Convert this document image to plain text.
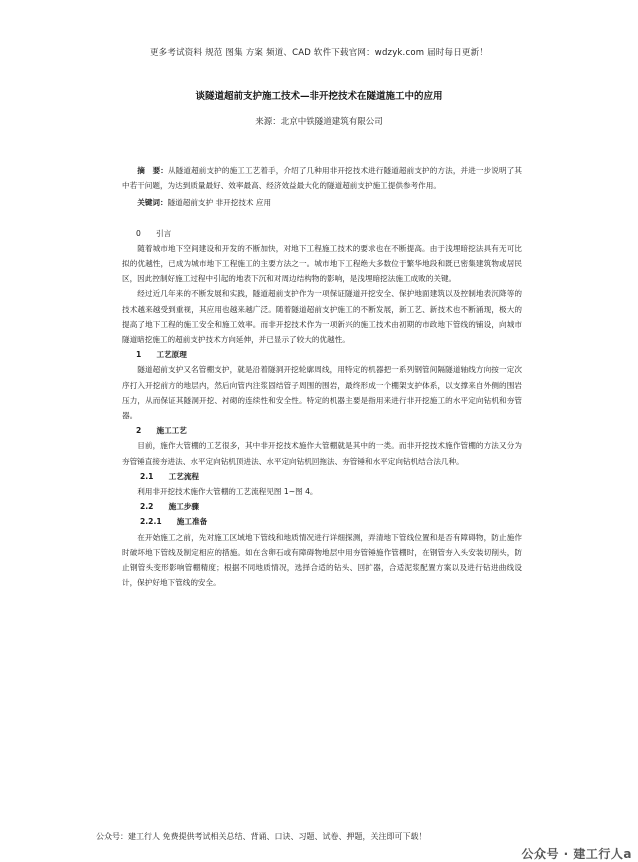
更多考试资料 规范 图集 方案 频道、CAD 软件下载官网：wdzyk.com 届时每日更新！
谈隧道超前支护施工技术—非开挖技术在隧道施工中的应用
来源：北京中铁隧道建筑有限公司

摘　要：从隧道超前支护的施工工艺着手，介绍了几种用非开挖技术进行隧道超前支护的方法，并进一步说明了其中若干问题，为达到质量最好、效率最高、经济效益最大化的隧道超前支护施工提供参考作用。

关键词：隧道超前支护 非开挖技术 应用

0　　引言

随着城市地下空间建设和开发的不断加快，对地下工程施工技术的要求也在不断提高。由于浅埋暗挖法具有无可比拟的优越性，已成为城市地下工程施工的主要方法之一。城市地下工程绝大多数位于繁华地段和既已密集建筑物或居民区，因此控制好施工过程中引起的地表下沉和对周边结构物的影响，是浅埋暗挖法施工成败的关键。

经过近几年来的不断发展和实践，隧道超前支护作为一项保证隧道开挖安全、保护地面建筑以及控制地表沉降等的技术越来越受到重视，其应用也越来越广泛。随着隧道超前支护施工的不断发展，新工艺、新技术也不断涌现，极大的提高了地下工程的施工安全和施工效率。而非开挖技术作为一项新兴的施工技术由初期的市政地下管线的铺设，向城市隧道暗挖施工的超前支护技术方向延伸，并已显示了较大的优越性。

1　　工艺原理

隧道超前支护又名管棚支护，就是沿着隧洞开挖轮廓周线，用特定的机器把一系列钢管间隔隧道轴线方向按一定次序打入开挖前方的地层内，然后向管内注浆固结管子周围的围岩，最终形成一个棚架支护体系，以支撑来自外侧的围岩压力，从而保证其隧洞开挖、衬砌的连续性和安全性。特定的机器主要是指用来进行非开挖施工的水平定向钻机和夯管器。

2　　施工工艺

目前，施作大管棚的工艺很多，其中非开挖技术施作大管棚就是其中的一类。而非开挖技术施作管棚的方法又分为夯管锤直接夯进法、水平定向钻机顶进法、水平定向钻机回拖法、夯管锤和水平定向钻机结合法几种。

2.1　　工艺流程

利用非开挖技术施作大管棚的工艺流程见图 1~图 4。

2.2　　施工步骤

2.2.1　　施工准备

在开始施工之前，先对施工区域地下管线和地质情况进行详细探测，弄清地下管线位置和是否有障碍物，防止施作时破坏地下管线及制定相应的措施。如在含卵石或有障碍物地层中用夯管锤施作管棚时，在钢管夯入头安装切削头，防止钢管头变形影响管棚精度；根据不同地质情况，选择合适的钻头、回扩器，合适泥浆配置方案以及进行钻进曲线设计，保护好地下管线的安全。

公众号：建工行人 免费提供考试相关总结、背诵、口诀、习题、试卷、押题，关注即可下载！
公众号 · 建工行人a
